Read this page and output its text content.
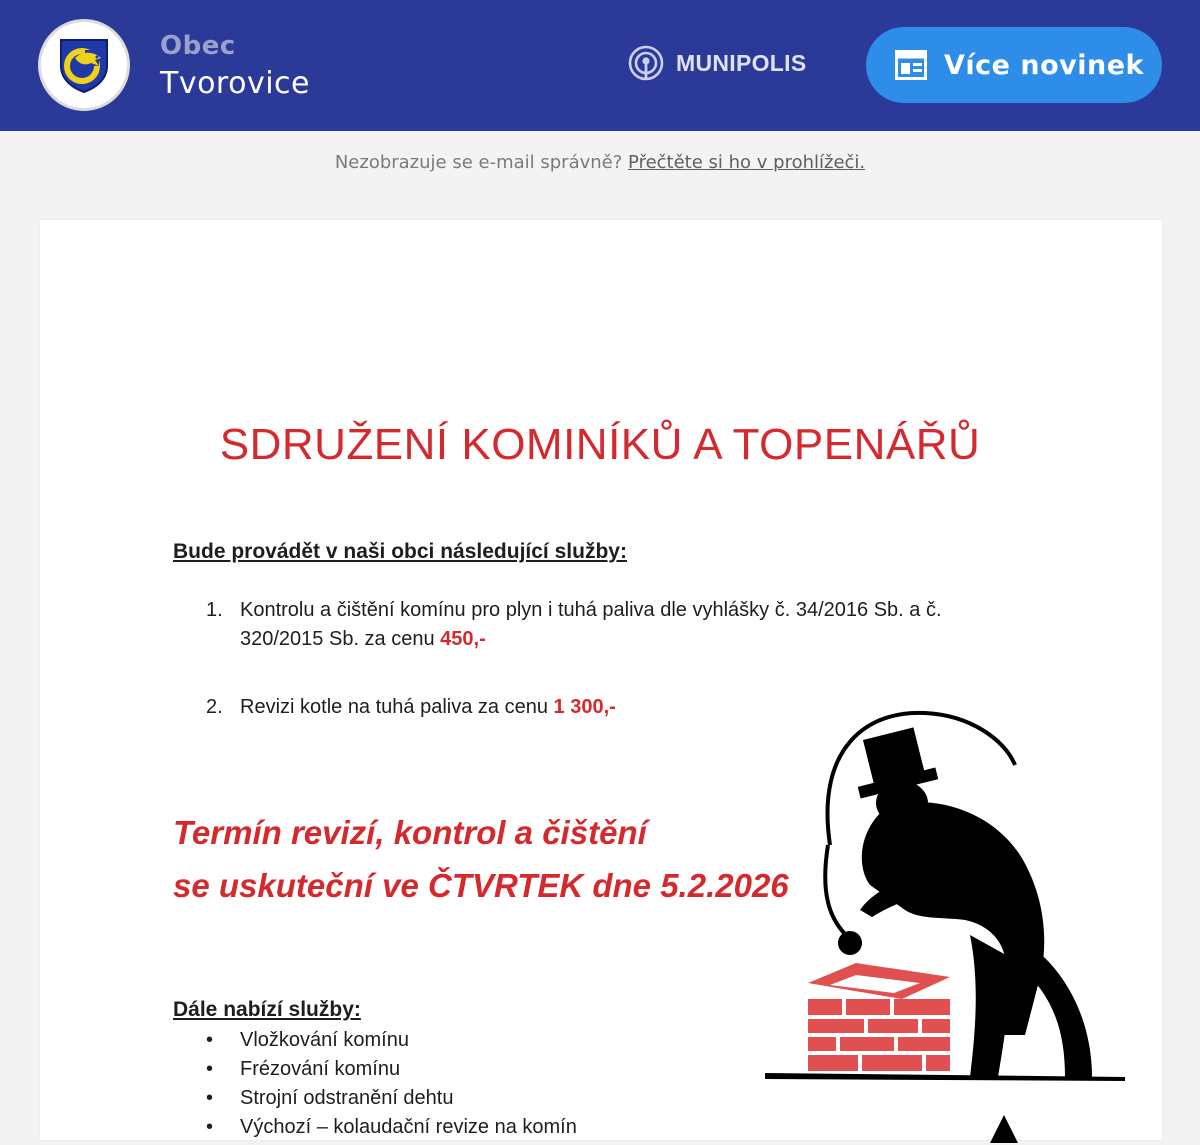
Obec
Tvorovice
MUNIPOLIS	Více novinek
Nezobrazuje se e-mail správně? Přečtěte si ho v prohlížeči.
SDRUŽENÍ KOMINÍKŮ A TOPENÁŘŮ
Bude provádět v naši obci následující služby:
1. Kontrolu a čištění komínu pro plyn i tuhá paliva dle vyhlášky č. 34/2016 Sb. a č.
320/2015 Sb. za cenu 450,-
2. Revizi kotle na tuhá paliva za cenu 1 300,-
Termín revizí, kontrol a čištění
se uskuteční ve ČTVRTEK dne 5.2.2026
Dále nabízí služby:
• Vložkování komínu
• Frézování komínu
• Strojní odstranění dehtu
• Výchozí – kolaudační revize na komín
